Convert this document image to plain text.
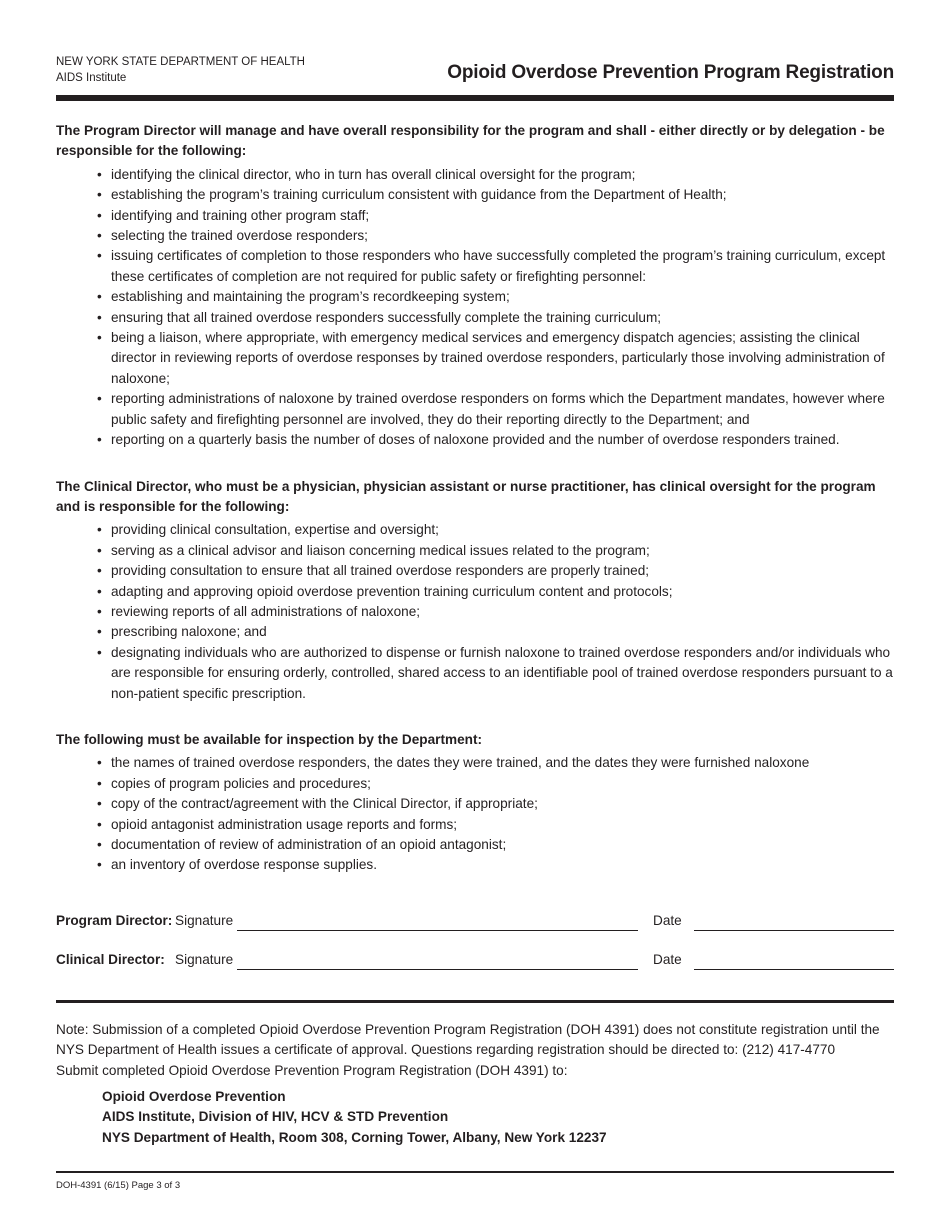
NEW YORK STATE DEPARTMENT OF HEALTH
AIDS Institute	Opioid Overdose Prevention Program Registration

The Program Director will manage and have overall responsibility for the program and shall - either directly or by delegation - be responsible for the following:

• identifying the clinical director, who in turn has overall clinical oversight for the program;
• establishing the program’s training curriculum consistent with guidance from the Department of Health;
• identifying and training other program staff;
• selecting the trained overdose responders;
• issuing certificates of completion to those responders who have successfully completed the program’s training curriculum, except these certificates of completion are not required for public safety or firefighting personnel:
• establishing and maintaining the program’s recordkeeping system;
• ensuring that all trained overdose responders successfully complete the training curriculum;
• being a liaison, where appropriate, with emergency medical services and emergency dispatch agencies; assisting the clinical director in reviewing reports of overdose responses by trained overdose responders, particularly those involving administration of naloxone;
• reporting administrations of naloxone by trained overdose responders on forms which the Department mandates, however where public safety and firefighting personnel are involved, they do their reporting directly to the Department; and
• reporting on a quarterly basis the number of doses of naloxone provided and the number of overdose responders trained.

The Clinical Director, who must be a physician, physician assistant or nurse practitioner, has clinical oversight for the program and is responsible for the following:

• providing clinical consultation, expertise and oversight;
• serving as a clinical advisor and liaison concerning medical issues related to the program;
• providing consultation to ensure that all trained overdose responders are properly trained;
• adapting and approving opioid overdose prevention training curriculum content and protocols;
• reviewing reports of all administrations of naloxone;
• prescribing naloxone; and
• designating individuals who are authorized to dispense or furnish naloxone to trained overdose responders and/or individuals who are responsible for ensuring orderly, controlled, shared access to an identifiable pool of trained overdose responders pursuant to a non-patient specific prescription.

The following must be available for inspection by the Department:

• the names of trained overdose responders, the dates they were trained, and the dates they were furnished naloxone
• copies of program policies and procedures;
• copy of the contract/agreement with the Clinical Director, if appropriate;
• opioid antagonist administration usage reports and forms;
• documentation of review of administration of an opioid antagonist;
• an inventory of overdose response supplies.
Program Director: Signature	Date
Clinical Director: Signature	Date
Note: Submission of a completed Opioid Overdose Prevention Program Registration (DOH 4391) does not constitute registration until the NYS Department of Health issues a certificate of approval. Questions regarding registration should be directed to: (212) 417-4770
Submit completed Opioid Overdose Prevention Program Registration (DOH 4391) to:
Opioid Overdose Prevention
AIDS Institute, Division of HIV, HCV & STD Prevention
NYS Department of Health, Room 308, Corning Tower, Albany, New York 12237
DOH-4391 (6/15) Page 3 of 3
